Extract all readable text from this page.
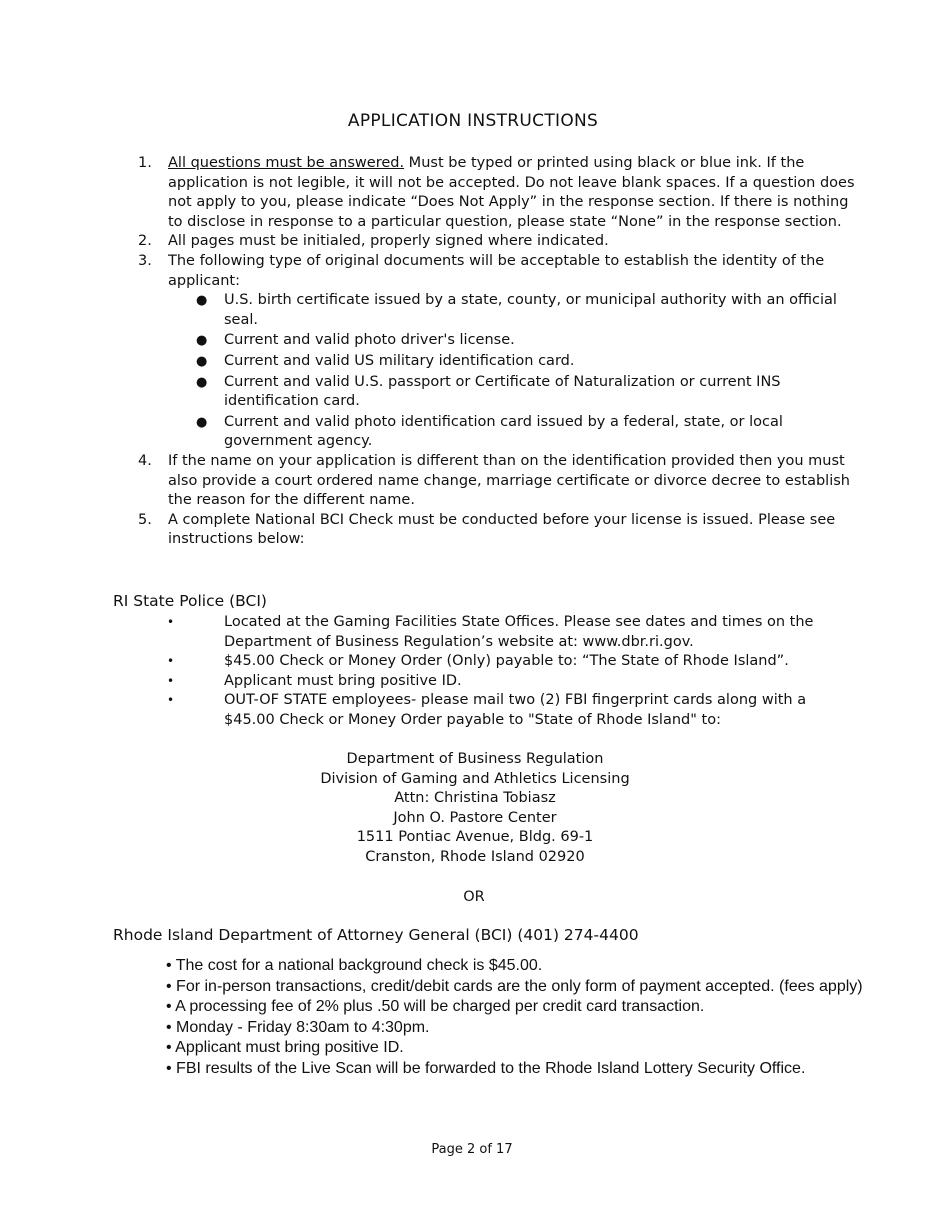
APPLICATION INSTRUCTIONS
1. All questions must be answered. Must be typed or printed using black or blue ink. If the application is not legible, it will not be accepted. Do not leave blank spaces. If a question does not apply to you, please indicate “Does Not Apply” in the response section. If there is nothing to disclose in response to a particular question, please state “None” in the response section.
2. All pages must be initialed, properly signed where indicated.
3. The following type of original documents will be acceptable to establish the identity of the applicant:
● U.S. birth certificate issued by a state, county, or municipal authority with an official seal.
● Current and valid photo driver's license.
● Current and valid US military identification card.
● Current and valid U.S. passport or Certificate of Naturalization or current INS identification card.
● Current and valid photo identification card issued by a federal, state, or local government agency.
4. If the name on your application is different than on the identification provided then you must also provide a court ordered name change, marriage certificate or divorce decree to establish the reason for the different name.
5. A complete National BCI Check must be conducted before your license is issued. Please see instructions below:
RI State Police (BCI)
•	Located at the Gaming Facilities State Offices. Please see dates and times on the Department of Business Regulation’s website at: www.dbr.ri.gov.
•	$45.00 Check or Money Order (Only) payable to: “The State of Rhode Island”.
•	Applicant must bring positive ID.
•	OUT-OF STATE employees- please mail two (2) FBI fingerprint cards along with a $45.00 Check or Money Order payable to "State of Rhode Island" to:
Department of Business Regulation
Division of Gaming and Athletics Licensing
Attn: Christina Tobiasz
John O. Pastore Center
1511 Pontiac Avenue, Bldg. 69-1
Cranston, Rhode Island 02920
OR
Rhode Island Department of Attorney General (BCI) (401) 274-4400
• The cost for a national background check is $45.00.
• For in-person transactions, credit/debit cards are the only form of payment accepted. (fees apply)
• A processing fee of 2% plus .50 will be charged per credit card transaction.
• Monday - Friday 8:30am to 4:30pm.
• Applicant must bring positive ID.
• FBI results of the Live Scan will be forwarded to the Rhode Island Lottery Security Office.
Page 2 of 17
